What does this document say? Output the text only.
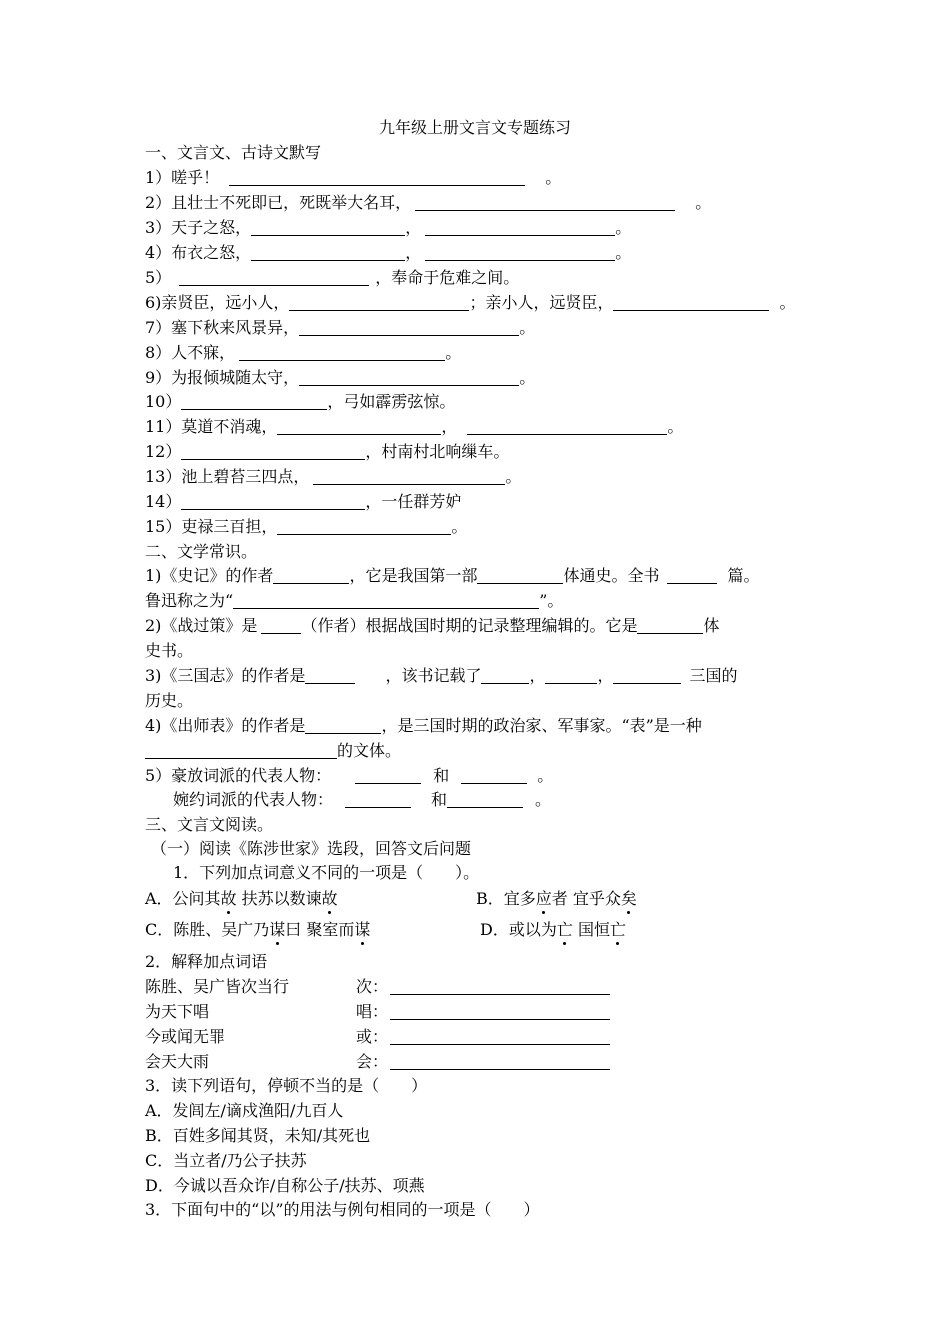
九年级上册文言文专题练习
一、文言文、古诗文默写
1）嗟乎！	。
2）且壮士不死即已，死既举大名耳，	。
3）天子之怒，	，	。
4）布衣之怒，	，	。
5）	，奉命于危难之间。
6)亲贤臣，远小人，	；亲小人，远贤臣，	。
7）塞下秋来风景异，	。
8）人不寐，	。
9）为报倾城随太守，	。
10）	，弓如霹雳弦惊。
11）莫道不消魂，	，	。
12）	，村南村北响缫车。
13）池上碧苔三四点，	。
14）	，一任群芳妒
15）吏禄三百担，	。
二、文学常识。
1)《史记》的作者	，它是我国第一部	体通史。全书	篇。
鲁迅称之为“	”。
2)《战过策》是	（作者）根据战国时期的记录整理编辑的。它是	体
史书。
3)《三国志》的作者是	，该书记载了	，	，	三国的
历史。
4)《出师表》的作者是	，是三国时期的政治家、军事家。“表”是一种
的文体。
5）豪放词派的代表人物：	和	。
婉约词派的代表人物：	和	。
三、文言文阅读。
（一）阅读《陈涉世家》选段，回答文后问题
1．下列加点词意义不同的一项是（　　）。
A．公问其故 扶苏以数谏故	B．宜多应者 宜乎众矣
C．陈胜、吴广乃谋曰 聚室而谋	D．或以为亡 国恒亡
2．解释加点词语
陈胜、吴广皆次当行	次：
为天下唱	唱：
今或闻无罪	或：
会天大雨	会：
3．读下列语句，停顿不当的是（　　）
A．发闾左/谪戍渔阳/九百人
B．百姓多闻其贤，未知/其死也
C．当立者/乃公子扶苏
D．今诚以吾众诈/自称公子/扶苏、项燕
3．下面句中的“以”的用法与例句相同的一项是（　　）
